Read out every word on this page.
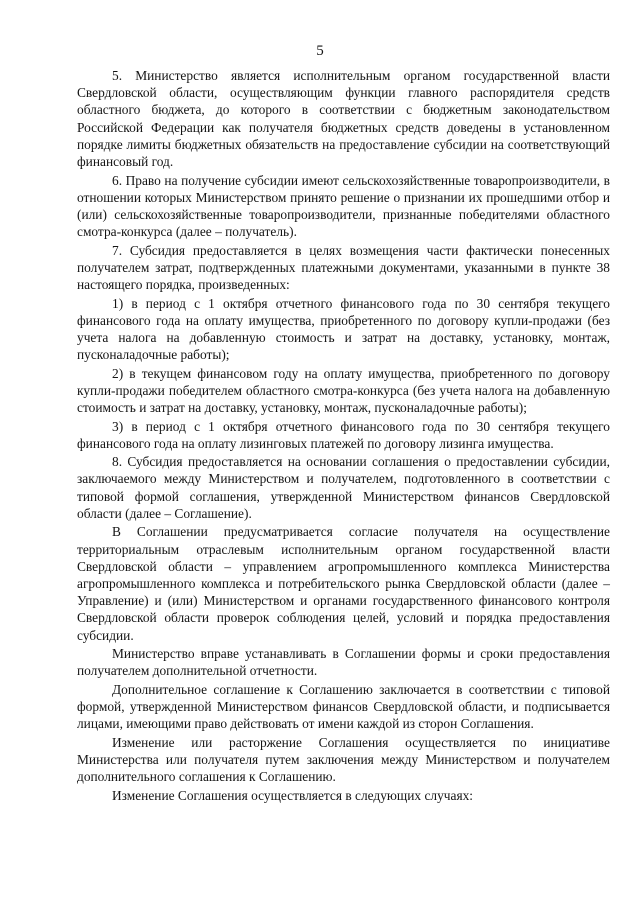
5

5. Министерство является исполнительным органом государственной власти Свердловской области, осуществляющим функции главного распорядителя средств областного бюджета, до которого в соответствии с бюджетным законодательством Российской Федерации как получателя бюджетных средств доведены в установленном порядке лимиты бюджетных обязательств на предоставление субсидии на соответствующий финансовый год.

6. Право на получение субсидии имеют сельскохозяйственные товаропроизводители, в отношении которых Министерством принято решение о признании их прошедшими отбор и (или) сельскохозяйственные товаропроизводители, признанные победителями областного смотра-конкурса (далее – получатель).

7. Субсидия предоставляется в целях возмещения части фактически понесенных получателем затрат, подтвержденных платежными документами, указанными в пункте 38 настоящего порядка, произведенных:

1) в период с 1 октября отчетного финансового года по 30 сентября текущего финансового года на оплату имущества, приобретенного по договору купли-продажи (без учета налога на добавленную стоимость и затрат на доставку, установку, монтаж, пусконаладочные работы);

2) в текущем финансовом году на оплату имущества, приобретенного по договору купли-продажи победителем областного смотра-конкурса (без учета налога на добавленную стоимость и затрат на доставку, установку, монтаж, пусконаладочные работы);

3) в период с 1 октября отчетного финансового года по 30 сентября текущего финансового года на оплату лизинговых платежей по договору лизинга имущества.

8. Субсидия предоставляется на основании соглашения о предоставлении субсидии, заключаемого между Министерством и получателем, подготовленного в соответствии с типовой формой соглашения, утвержденной Министерством финансов Свердловской области (далее – Соглашение).

В Соглашении предусматривается согласие получателя на осуществление территориальным отраслевым исполнительным органом государственной власти Свердловской области – управлением агропромышленного комплекса Министерства агропромышленного комплекса и потребительского рынка Свердловской области (далее – Управление) и (или) Министерством и органами государственного финансового контроля Свердловской области проверок соблюдения целей, условий и порядка предоставления субсидии.

Министерство вправе устанавливать в Соглашении формы и сроки предоставления получателем дополнительной отчетности.

Дополнительное соглашение к Соглашению заключается в соответствии с типовой формой, утвержденной Министерством финансов Свердловской области, и подписывается лицами, имеющими право действовать от имени каждой из сторон Соглашения.

Изменение или расторжение Соглашения осуществляется по инициативе Министерства или получателя путем заключения между Министерством и получателем дополнительного соглашения к Соглашению.

Изменение Соглашения осуществляется в следующих случаях:
